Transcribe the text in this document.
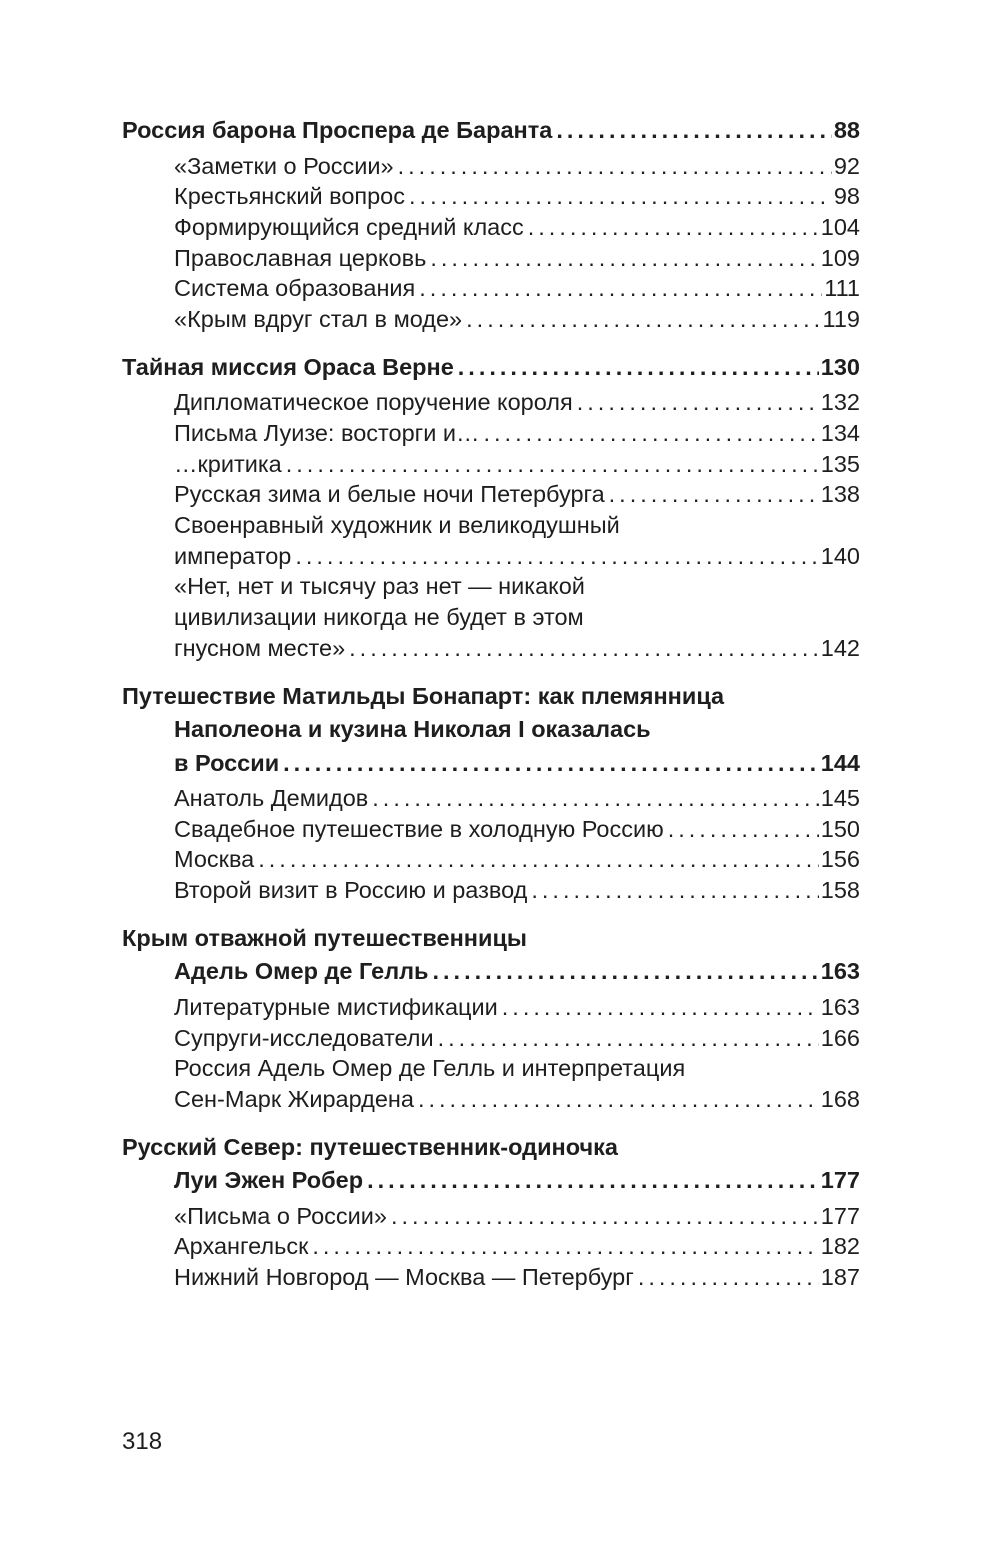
Россия барона Проспера де Баранта .....	88
«Заметки о России» .....	92
Крестьянский вопрос .....	98
Формирующийся средний класс .....	104
Православная церковь .....	109
Система образования .....	111
«Крым вдруг стал в моде» .....	119
Тайная миссия Ораса Верне .....	130
Дипломатическое поручение короля .....	132
Письма Луизе: восторги и… .....	134
…критика .....	135
Русская зима и белые ночи Петербурга .....	138
Своенравный художник и великодушный
император .....	140
«Нет, нет и тысячу раз нет — никакой
цивилизации никогда не будет в этом
гнусном месте» .....	142
Путешествие Матильды Бонапарт: как племянница
Наполеона и кузина Николая I оказалась
в России .....	144
Анатоль Демидов .....	145
Свадебное путешествие в холодную Россию .....	150
Москва .....	156
Второй визит в Россию и развод .....	158
Крым отважной путешественницы
Адель Омер де Гелль .....	163
Литературные мистификации .....	163
Супруги-исследователи .....	166
Россия Адель Омер де Гелль и интерпретация
Сен-Марк Жирардена .....	168
Русский Север: путешественник-одиночка
Луи Эжен Робер .....	177
«Письма о России» .....	177
Архангельск .....	182
Нижний Новгород — Москва — Петербург .....	187
318
